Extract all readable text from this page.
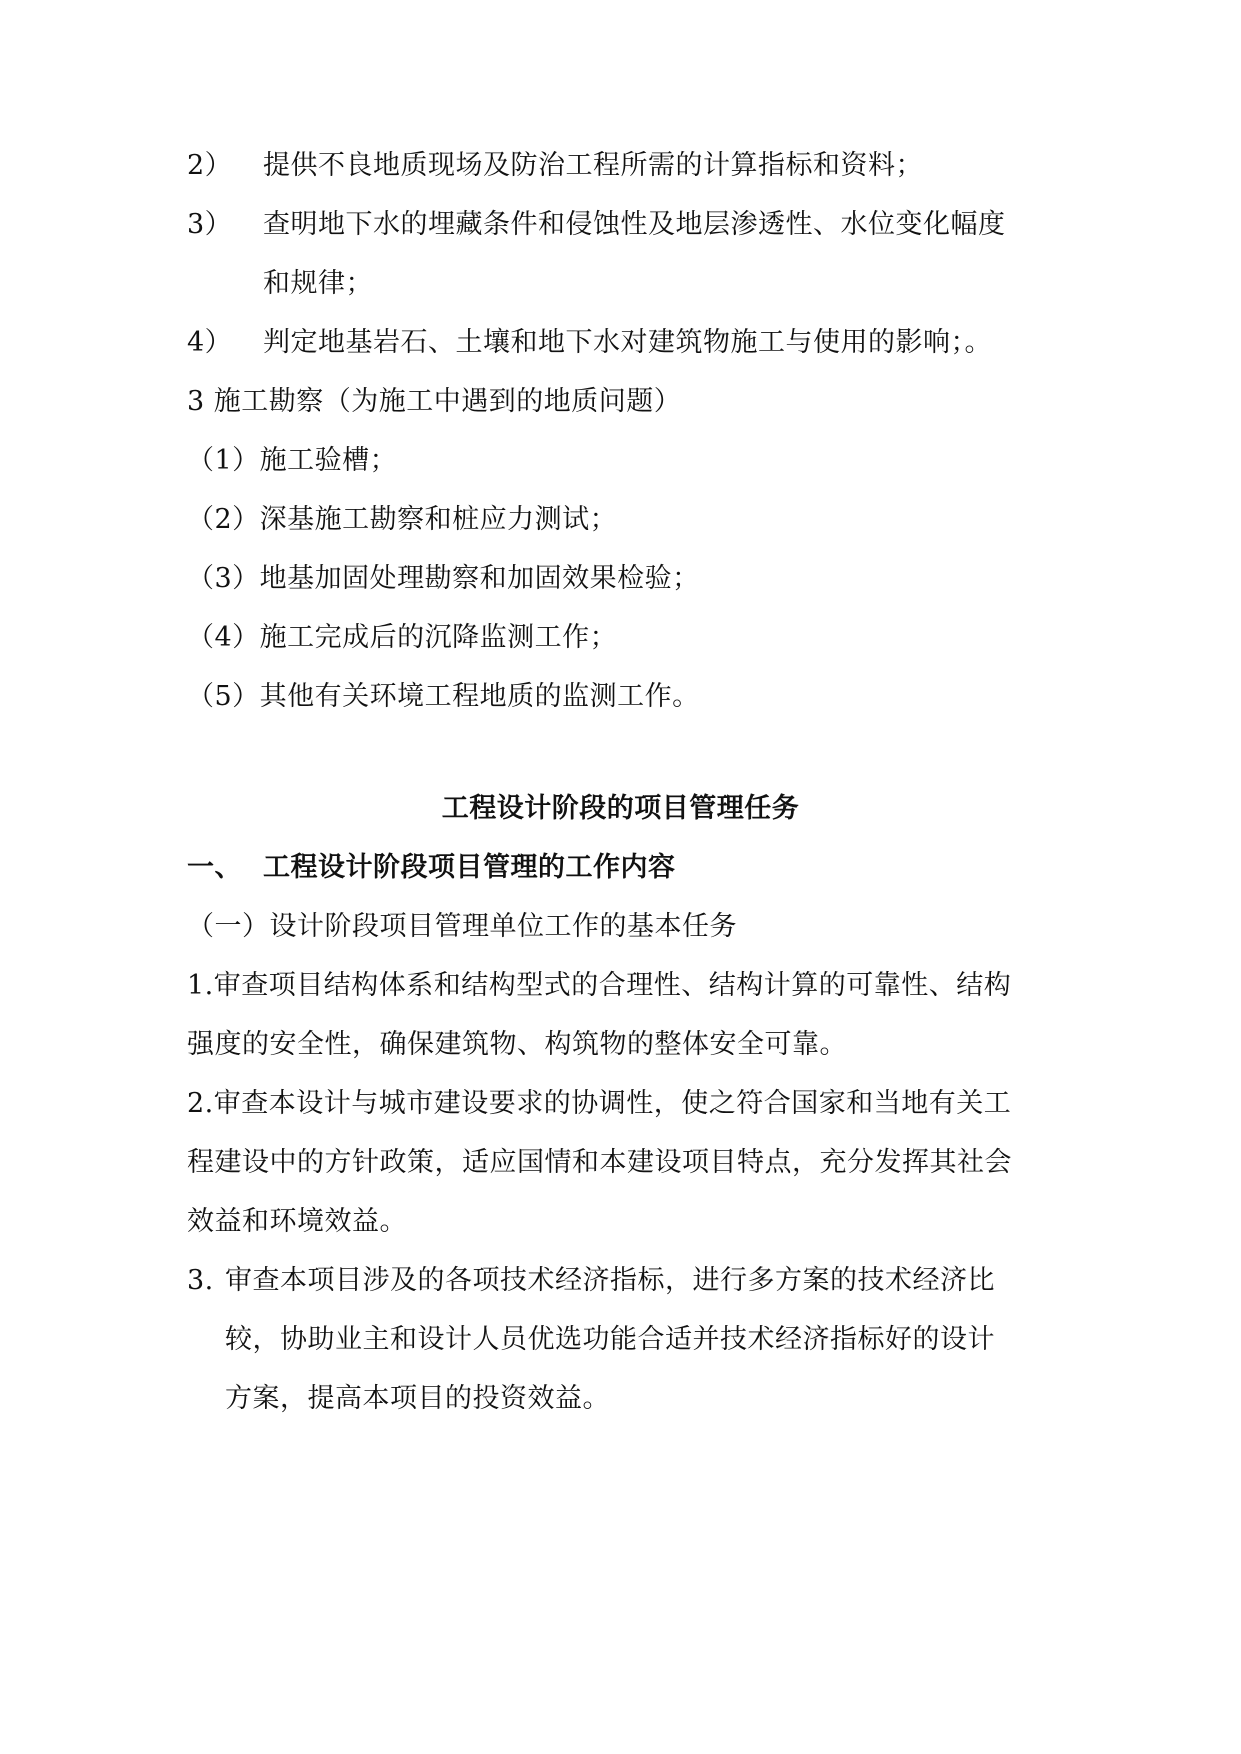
2） 提供不良地质现场及防治工程所需的计算指标和资料；
3） 查明地下水的埋藏条件和侵蚀性及地层渗透性、水位变化幅度
和规律；
4） 判定地基岩石、土壤和地下水对建筑物施工与使用的影响；。
3 施工勘察（为施工中遇到的地质问题）
（1）施工验槽；
（2）深基施工勘察和桩应力测试；
（3）地基加固处理勘察和加固效果检验；
（4）施工完成后的沉降监测工作；
（5）其他有关环境工程地质的监测工作。
工程设计阶段的项目管理任务
一、 工程设计阶段项目管理的工作内容
（一）设计阶段项目管理单位工作的基本任务
1.审查项目结构体系和结构型式的合理性、结构计算的可靠性、结构
强度的安全性，确保建筑物、构筑物的整体安全可靠。
2.审查本设计与城市建设要求的协调性，使之符合国家和当地有关工
程建设中的方针政策，适应国情和本建设项目特点，充分发挥其社会
效益和环境效益。
3. 审查本项目涉及的各项技术经济指标，进行多方案的技术经济比
较，协助业主和设计人员优选功能合适并技术经济指标好的设计
方案，提高本项目的投资效益。
